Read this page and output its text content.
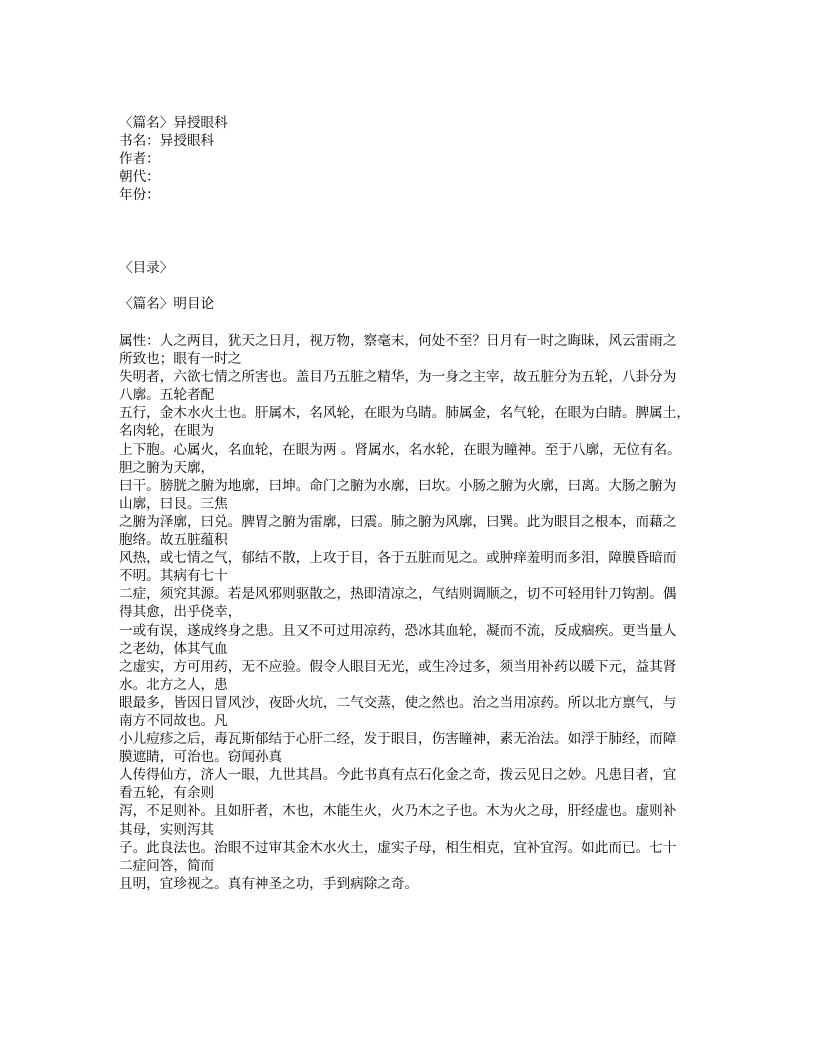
〈篇名〉异授眼科
书名：异授眼科
作者：
朝代：
年份：
〈目录〉
〈篇名〉明目论
属性：人之两目，犹天之日月，视万物，察毫末，何处不至？日月有一时之晦昧，风云雷雨之
所致也；眼有一时之
失明者，六欲七情之所害也。盖目乃五脏之精华，为一身之主宰，故五脏分为五轮，八卦分为
八廓。五轮者配
五行，金木水火土也。肝属木，名风轮，在眼为乌睛。肺属金，名气轮，在眼为白睛。脾属土，
名肉轮，在眼为
上下胞。心属火，名血轮，在眼为两 。肾属水，名水轮，在眼为瞳神。至于八廓，无位有名。
胆之腑为天廓，
曰干。膀胱之腑为地廓，曰坤。命门之腑为水廓，曰坎。小肠之腑为火廓，曰离。大肠之腑为
山廓，曰艮。三焦
之腑为泽廓，曰兑。脾胃之腑为雷廓，曰震。肺之腑为风廓，曰巽。此为眼目之根本，而藉之
胞络。故五脏蕴积
风热，或七情之气，郁结不散，上攻于目，各于五脏而见之。或肿痒羞明而多泪，障膜昏暗而
不明。其病有七十
二症，须究其源。若是风邪则驱散之，热即清凉之，气结则调顺之，切不可轻用针刀钩割。偶
得其愈，出乎侥幸，
一或有误，遂成终身之患。且又不可过用凉药，恐冰其血轮，凝而不流，反成痼疾。更当量人
之老幼，体其气血
之虚实，方可用药，无不应验。假令人眼目无光，或生冷过多，须当用补药以暖下元，益其肾
水。北方之人，患
眼最多，皆因日冒风沙，夜卧火坑，二气交蒸，使之然也。治之当用凉药。所以北方禀气，与
南方不同故也。凡
小儿痘疹之后，毒瓦斯郁结于心肝二经，发于眼目，伤害瞳神，素无治法。如浮于肺经，而障
膜遮睛，可治也。窃闻孙真
人传得仙方，济人一眼，九世其昌。今此书真有点石化金之奇，拨云见日之妙。凡患目者，宜
看五轮，有余则
泻，不足则补。且如肝者，木也，木能生火，火乃木之子也。木为火之母，肝经虚也。虚则补
其母，实则泻其
子。此良法也。治眼不过审其金木水火土，虚实子母，相生相克，宜补宜泻。如此而已。七十
二症问答，简而
且明，宜珍视之。真有神圣之功，手到病除之奇。
